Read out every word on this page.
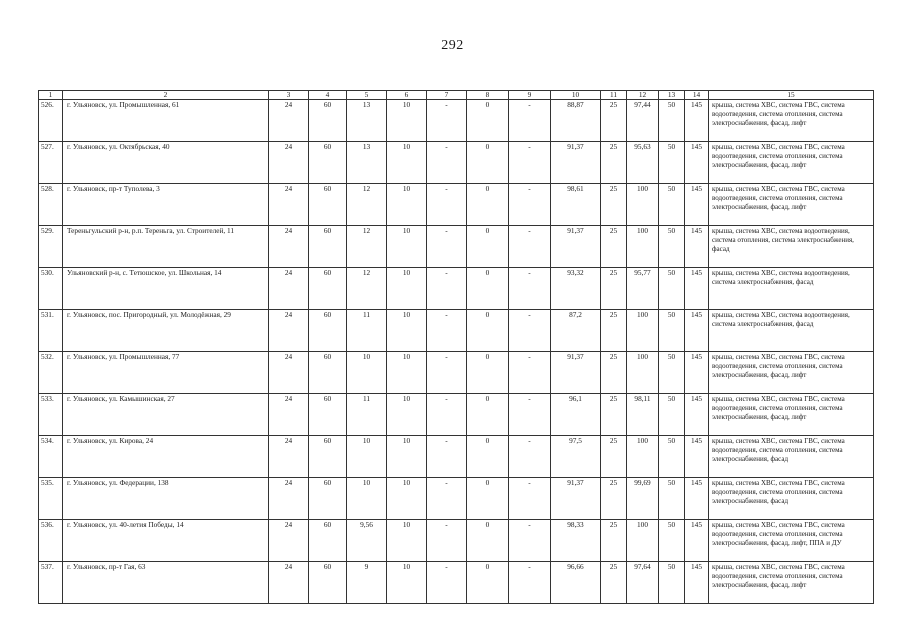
292
1	2	3	4	5	6	7	8	9	10	11	12	13	14	15
526.	г. Ульяновск, ул. Промышленная, 61	24	60	13	10	-	0	-	88,87	25	97,44	50	145	крыша, система ХВС, система ГВС, система водоотведения, система отопления, система электроснабжения, фасад, лифт
527.	г. Ульяновск, ул. Октябрьская, 40	24	60	13	10	-	0	-	91,37	25	95,63	50	145	крыша, система ХВС, система ГВС, система водоотведения, система отопления, система электроснабжения, фасад, лифт
528.	г. Ульяновск, пр-т Туполева, 3	24	60	12	10	-	0	-	98,61	25	100	50	145	крыша, система ХВС, система ГВС, система водоотведения, система отопления, система электроснабжения, фасад, лифт
529.	Тереньгульский р-н, р.п. Тереньга, ул. Строителей, 11	24	60	12	10	-	0	-	91,37	25	100	50	145	крыша, система ХВС, система водоотведения, система отопления, система электроснабжения, фасад
530.	Ульяновский р-н, с. Тетюшское, ул. Школьная, 14	24	60	12	10	-	0	-	93,32	25	95,77	50	145	крыша, система ХВС, система водоотведения, система электроснабжения, фасад
531.	г. Ульяновск, пос. Пригородный, ул. Молодёжная, 29	24	60	11	10	-	0	-	87,2	25	100	50	145	крыша, система ХВС, система водоотведения, система электроснабжения, фасад
532.	г. Ульяновск, ул. Промышленная, 77	24	60	10	10	-	0	-	91,37	25	100	50	145	крыша, система ХВС, система ГВС, система водоотведения, система отопления, система электроснабжения, фасад, лифт
533.	г. Ульяновск, ул. Камышинская, 27	24	60	11	10	-	0	-	96,1	25	98,11	50	145	крыша, система ХВС, система ГВС, система водоотведения, система отопления, система электроснабжения, фасад, лифт
534.	г. Ульяновск, ул. Кирова, 24	24	60	10	10	-	0	-	97,5	25	100	50	145	крыша, система ХВС, система ГВС, система водоотведения, система отопления, система электроснабжения, фасад
535.	г. Ульяновск, ул. Федерации, 138	24	60	10	10	-	0	-	91,37	25	99,69	50	145	крыша, система ХВС, система ГВС, система водоотведения, система отопления, система электроснабжения, фасад
536.	г. Ульяновск, ул. 40-летия Победы, 14	24	60	9,56	10	-	0	-	98,33	25	100	50	145	крыша, система ХВС, система ГВС, система водоотведения, система отопления, система электроснабжения, фасад, лифт, ППА и ДУ
537.	г. Ульяновск, пр-т Гая, 63	24	60	9	10	-	0	-	96,66	25	97,64	50	145	крыша, система ХВС, система ГВС, система водоотведения, система отопления, система электроснабжения, фасад, лифт
